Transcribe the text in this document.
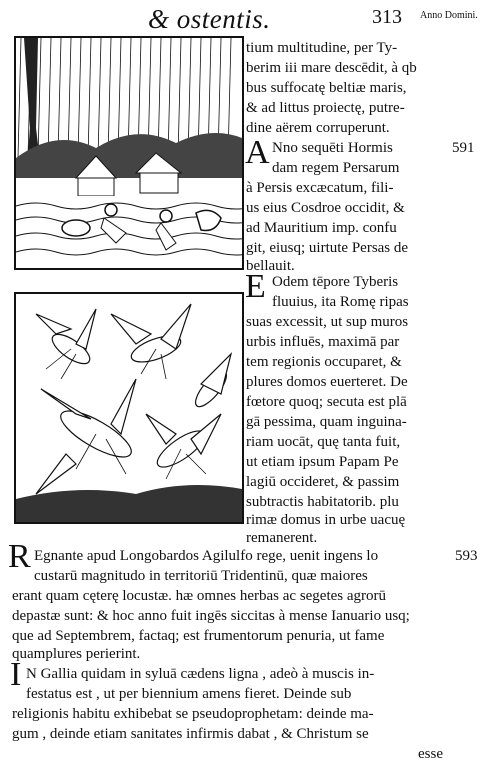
& ostentis.	313 Anno Domini.
tium multitudine, per Ty-
berim iii mare descēdit, à qb
bus suffocatę beltiæ maris,
& ad littus proiectę, putre-
dine aërem corruperunt.
A	591
Nno sequēti Hormis
dam regem Persarum
à Persis excæcatum, fili-
us eius Cosdroe occidit, &
ad Mauritium imp. confu
git, eiusq; uirtute Persas de
bellauit.
E Odem tēpore Tyberis
fluuius, ita Romę ripas
suas excessit, ut sup muros
urbis influēs, maximā par
tem regionis occuparet, &
plures domos euerteret. De
fœtore quoq; secuta est plā
gā pessima, quam inguina-
riam uocāt, quę tanta fuit,
ut etiam ipsum Papam Pe
lagiū occideret, & passim
subtractis habitatorib. plu
rimæ domus in urbe uacuę
remanerent.
R	593
Egnante apud Longobardos Agilulfo rege, uenit ingens lo
custarū magnitudo in territoriū Tridentinū, quæ maiores
erant quam cęterę locustæ. hæ omnes herbas ac segetes agrorū
depastæ sunt: & hoc anno fuit ingēs siccitas à mense Ianuario usq;
que ad Septembrem, factaq; est frumentorum penuria, ut fame
quamplures perierint.
I N Gallia quidam in syluā cædens ligna , adeò à muscis in-
festatus est , ut per biennium amens fieret. Deinde sub
religionis habitu exhibebat se pseudoprophetam: deinde ma-
gum , deinde etiam sanitates infirmis dabat , & Christum se
esse
